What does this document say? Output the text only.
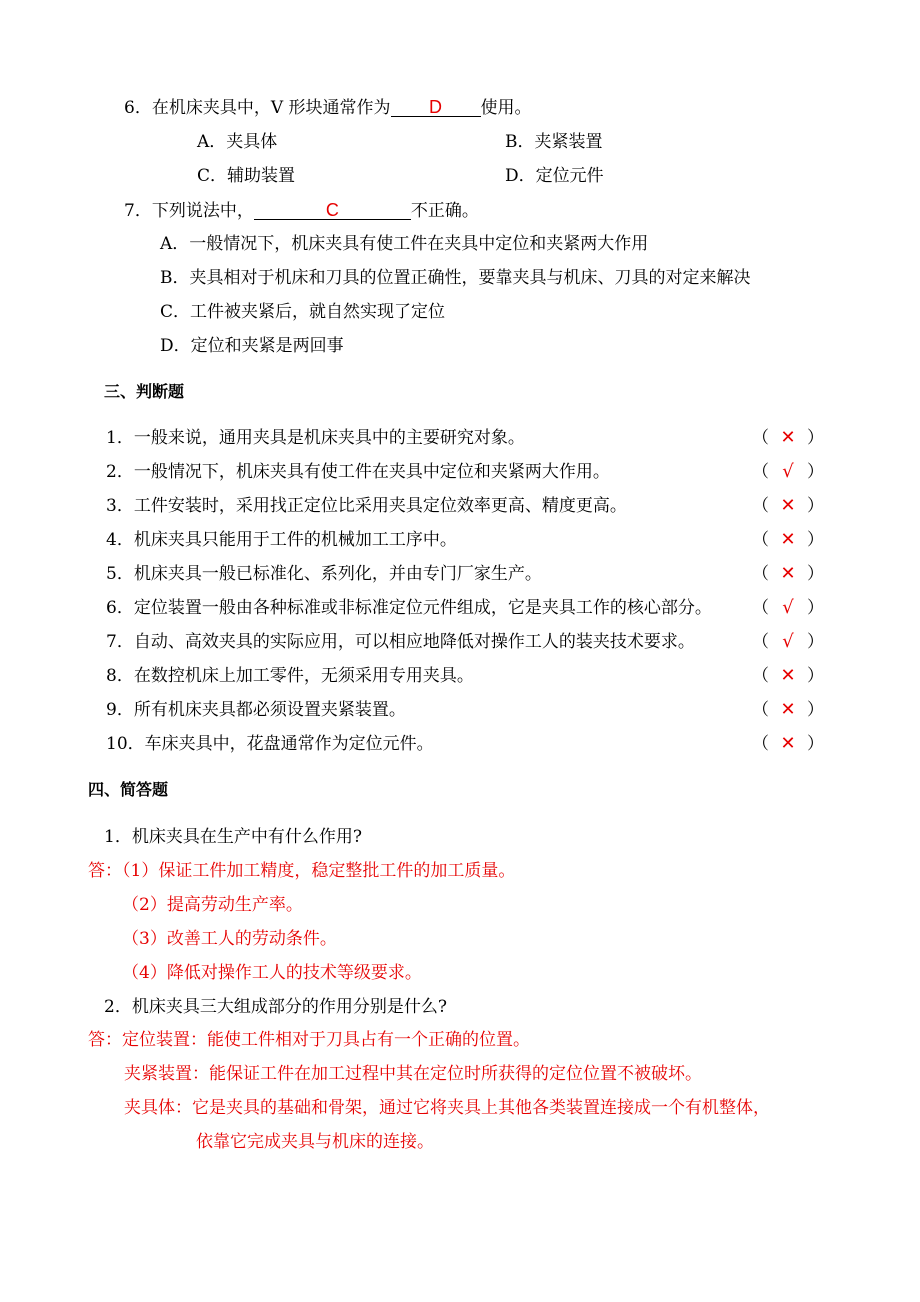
6．在机床夹具中，V 形块通常作为 D 使用。
A．夹具体	B．夹紧装置
C．辅助装置	D．定位元件
7．下列说法中，	C	不正确。
A．一般情况下，机床夹具有使工件在夹具中定位和夹紧两大作用
B．夹具相对于机床和刀具的位置正确性，要靠夹具与机床、刀具的对定来解决
C．工件被夹紧后，就自然实现了定位
D．定位和夹紧是两回事
三、判断题
1．一般来说，通用夹具是机床夹具中的主要研究对象。	（ ✕ ）
2．一般情况下，机床夹具有使工件在夹具中定位和夹紧两大作用。	（ √ ）
3．工件安装时，采用找正定位比采用夹具定位效率更高、精度更高。	（ ✕ ）
4．机床夹具只能用于工件的机械加工工序中。	（ ✕ ）
5．机床夹具一般已标准化、系列化，并由专门厂家生产。	（ ✕ ）
6．定位装置一般由各种标准或非标准定位元件组成，它是夹具工作的核心部分。 （ √ ）
7．自动、高效夹具的实际应用，可以相应地降低对操作工人的装夹技术要求。	（ √ ）
8．在数控机床上加工零件，无须采用专用夹具。	（ ✕ ）
9．所有机床夹具都必须设置夹紧装置。	（ ✕ ）
10．车床夹具中，花盘通常作为定位元件。	（ ✕ ）
四、简答题
1．机床夹具在生产中有什么作用?
答：（1）保证工件加工精度，稳定整批工件的加工质量。
（2）提高劳动生产率。
（3）改善工人的劳动条件。
（4）降低对操作工人的技术等级要求。
2．机床夹具三大组成部分的作用分别是什么?
答：定位装置：能使工件相对于刀具占有一个正确的位置。
夹紧装置：能保证工件在加工过程中其在定位时所获得的定位位置不被破坏。
夹具体：它是夹具的基础和骨架，通过它将夹具上其他各类装置连接成一个有机整体，
依靠它完成夹具与机床的连接。
